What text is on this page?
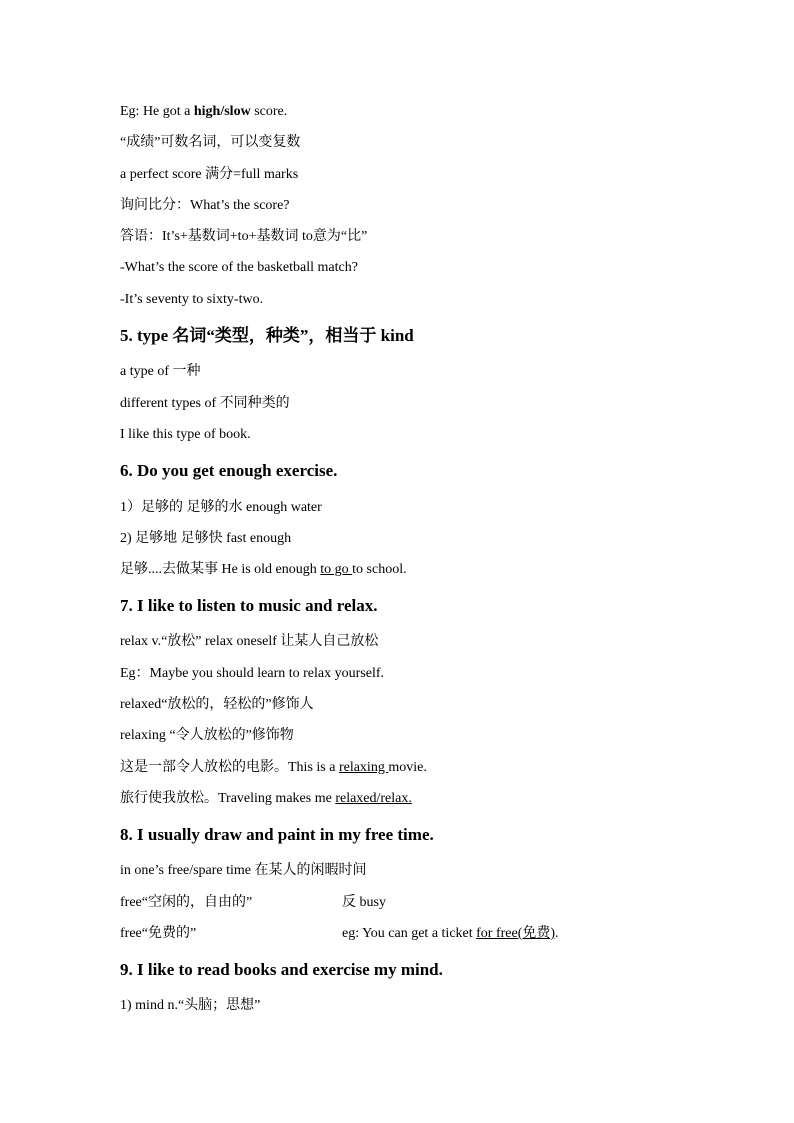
Eg: He got a high/slow score.
“成绩”可数名词，可以变复数
a perfect score 满分=full marks
询问比分：What’s the score?
答语：It’s+基数词+to+基数词 to意为“比”
-What’s the score of the basketball match?
-It’s seventy to sixty-two.
5. type 名词“类型，种类”，相当于 kind
a type of 一种
different types of 不同种类的
I like this type of book.
6. Do you get enough exercise.
1）足够的 足够的水 enough water
2) 足够地 足够快 fast enough
足够....去做某事 He is old enough to go to school.
7. I like to listen to music and relax.
relax v.“放松” relax oneself 让某人自己放松
Eg：Maybe you should learn to relax yourself.
relaxed“放松的，轻松的”修饰人
relaxing “令人放松的”修饰物
这是一部令人放松的电影。This is a relaxing movie.
旅行使我放松。Traveling makes me relaxed/relax.
8. I usually draw and paint in my free time.
in one’s free/spare time 在某人的闲暇时间
free“空闲的，自由的”	反 busy
free“免费的”	eg: You can get a ticket for free(免费).
9. I like to read books and exercise my mind.
1) mind n.“头脑；思想”
